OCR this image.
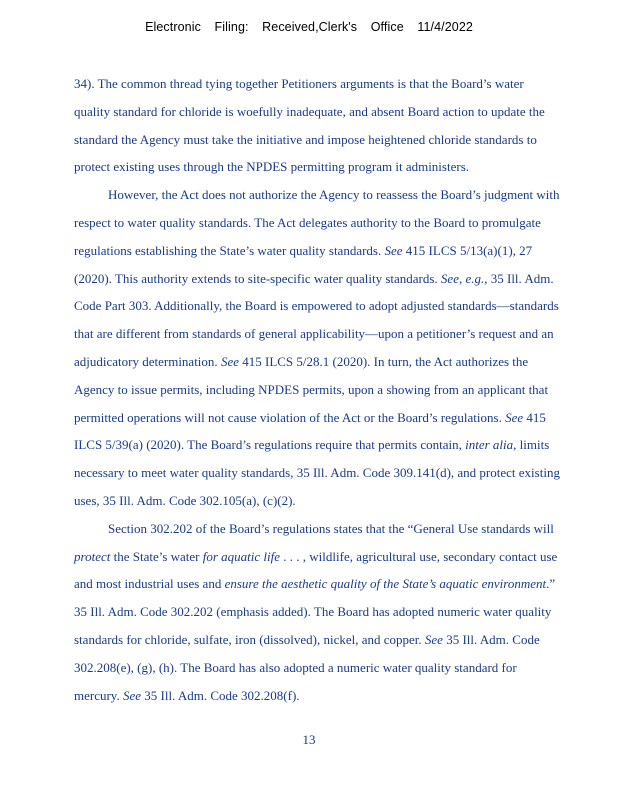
Electronic Filing: Received,Clerk's Office 11/4/2022

34). The common thread tying together Petitioners arguments is that the Board’s water quality standard for chloride is woefully inadequate, and absent Board action to update the standard the Agency must take the initiative and impose heightened chloride standards to protect existing uses through the NPDES permitting program it administers.

However, the Act does not authorize the Agency to reassess the Board’s judgment with respect to water quality standards. The Act delegates authority to the Board to promulgate regulations establishing the State’s water quality standards. See 415 ILCS 5/13(a)(1), 27 (2020). This authority extends to site-specific water quality standards. See, e.g., 35 Ill. Adm. Code Part 303. Additionally, the Board is empowered to adopt adjusted standards—standards that are different from standards of general applicability—upon a petitioner’s request and an adjudicatory determination. See 415 ILCS 5/28.1 (2020). In turn, the Act authorizes the Agency to issue permits, including NPDES permits, upon a showing from an applicant that permitted operations will not cause violation of the Act or the Board’s regulations. See 415 ILCS 5/39(a) (2020). The Board’s regulations require that permits contain, inter alia, limits necessary to meet water quality standards, 35 Ill. Adm. Code 309.141(d), and protect existing uses, 35 Ill. Adm. Code 302.105(a), (c)(2).

Section 302.202 of the Board’s regulations states that the “General Use standards will protect the State’s water for aquatic life . . . , wildlife, agricultural use, secondary contact use and most industrial uses and ensure the aesthetic quality of the State’s aquatic environment.” 35 Ill. Adm. Code 302.202 (emphasis added). The Board has adopted numeric water quality standards for chloride, sulfate, iron (dissolved), nickel, and copper. See 35 Ill. Adm. Code 302.208(e), (g), (h). The Board has also adopted a numeric water quality standard for mercury. See 35 Ill. Adm. Code 302.208(f).

13
